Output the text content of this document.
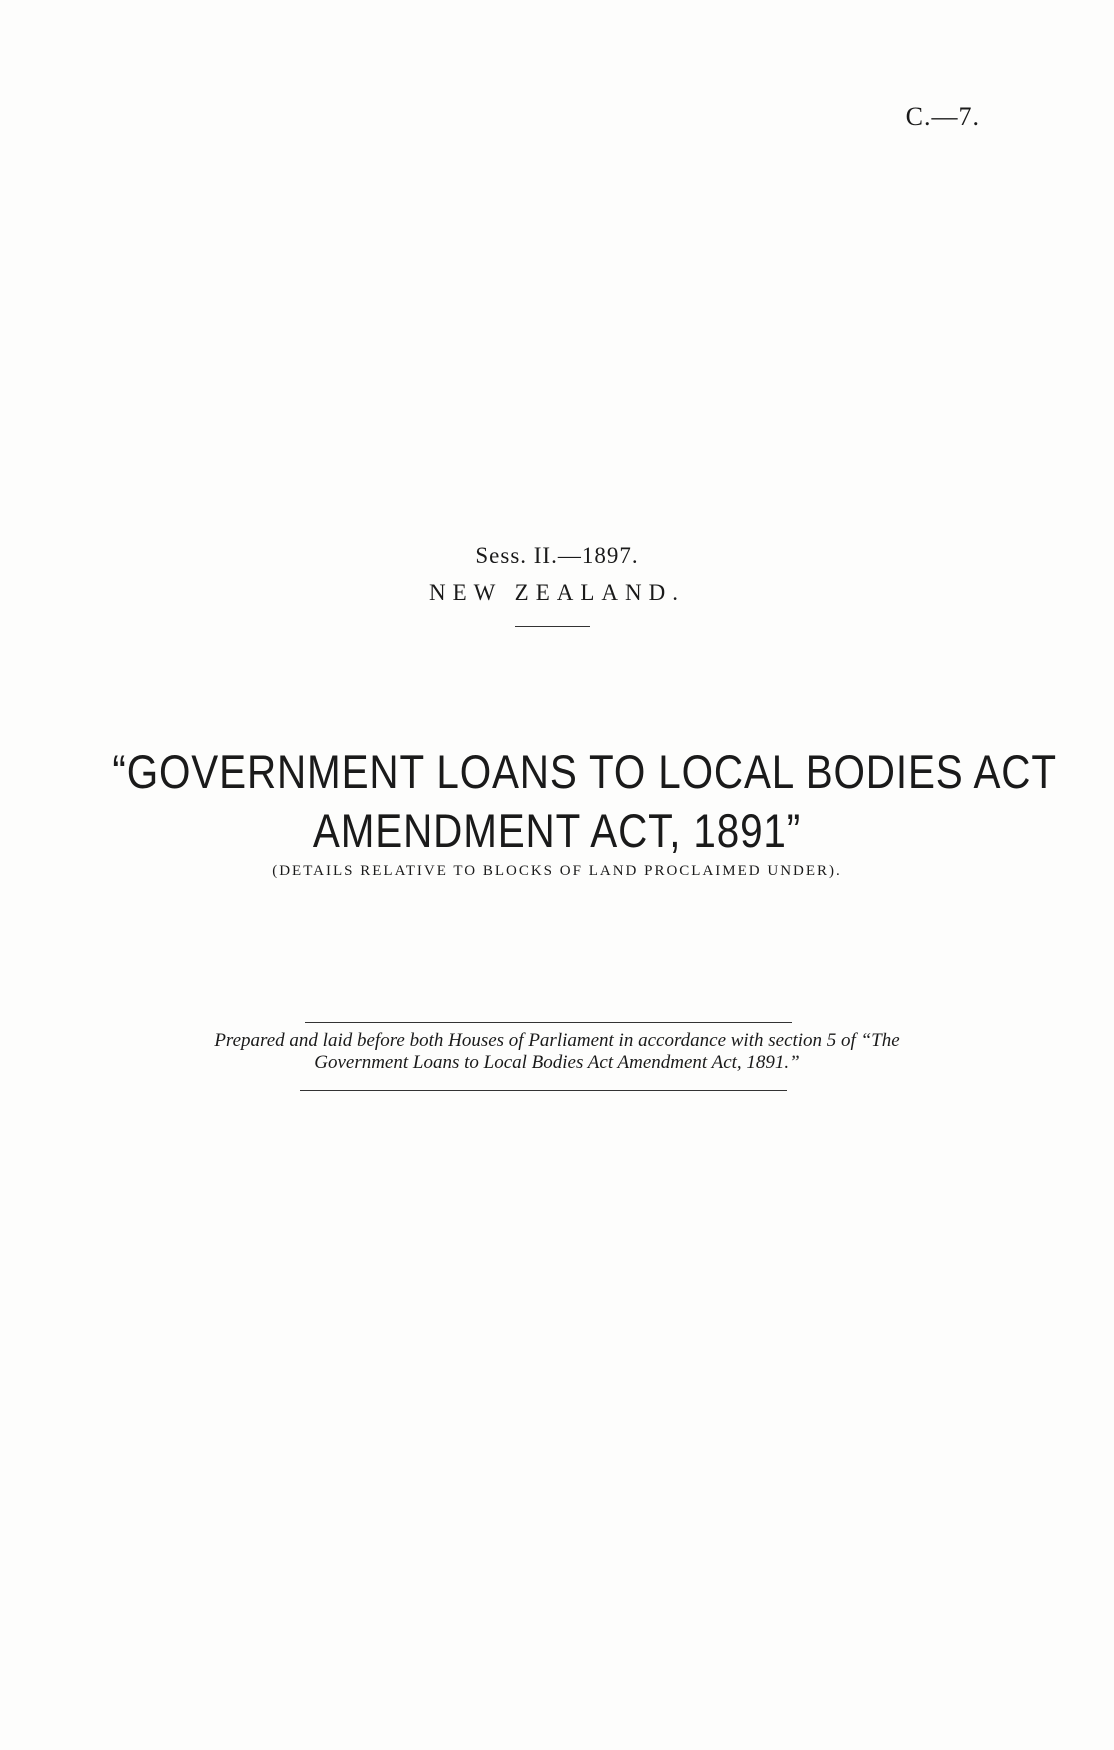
C.—7.
Sess. II.—1897.
NEW ZEALAND.
“GOVERNMENT LOANS TO LOCAL BODIES ACT
AMENDMENT ACT, 1891”
(DETAILS RELATIVE TO BLOCKS OF LAND PROCLAIMED UNDER).
Prepared and laid before both Houses of Parliament in accordance with section 5 of “The
Government Loans to Local Bodies Act Amendment Act, 1891.”
